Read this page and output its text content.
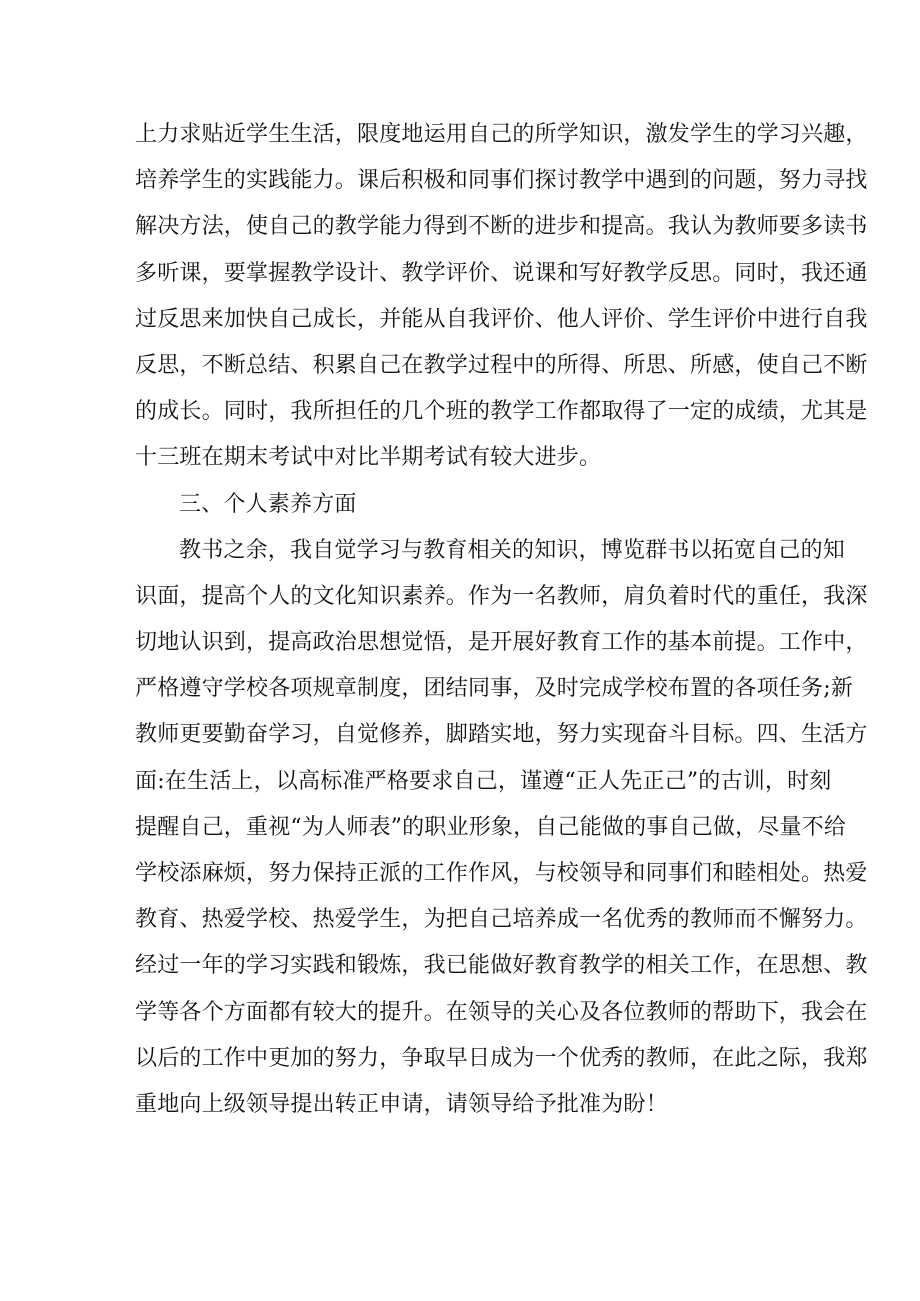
上力求贴近学生生活，限度地运用自己的所学知识，激发学生的学习兴趣，
培养学生的实践能力。课后积极和同事们探讨教学中遇到的问题，努力寻找
解决方法，使自己的教学能力得到不断的进步和提高。我认为教师要多读书
多听课，要掌握教学设计、教学评价、说课和写好教学反思。同时，我还通
过反思来加快自己成长，并能从自我评价、他人评价、学生评价中进行自我
反思，不断总结、积累自己在教学过程中的所得、所思、所感，使自己不断
的成长。同时，我所担任的几个班的教学工作都取得了一定的成绩，尤其是
十三班在期末考试中对比半期考试有较大进步。
三、个人素养方面
教书之余，我自觉学习与教育相关的知识，博览群书以拓宽自己的知
识面，提高个人的文化知识素养。作为一名教师，肩负着时代的重任，我深
切地认识到，提高政治思想觉悟，是开展好教育工作的基本前提。工作中，
严格遵守学校各项规章制度，团结同事，及时完成学校布置的各项任务;新
教师更要勤奋学习，自觉修养，脚踏实地，努力实现奋斗目标。四、生活方
面:在生活上，以高标准严格要求自己，谨遵“正人先正己”的古训，时刻
提醒自己，重视“为人师表”的职业形象，自己能做的事自己做，尽量不给
学校添麻烦，努力保持正派的工作作风，与校领导和同事们和睦相处。热爱
教育、热爱学校、热爱学生，为把自己培养成一名优秀的教师而不懈努力。
经过一年的学习实践和锻炼，我已能做好教育教学的相关工作，在思想、教
学等各个方面都有较大的提升。在领导的关心及各位教师的帮助下，我会在
以后的工作中更加的努力，争取早日成为一个优秀的教师，在此之际，我郑
重地向上级领导提出转正申请，请领导给予批准为盼！
